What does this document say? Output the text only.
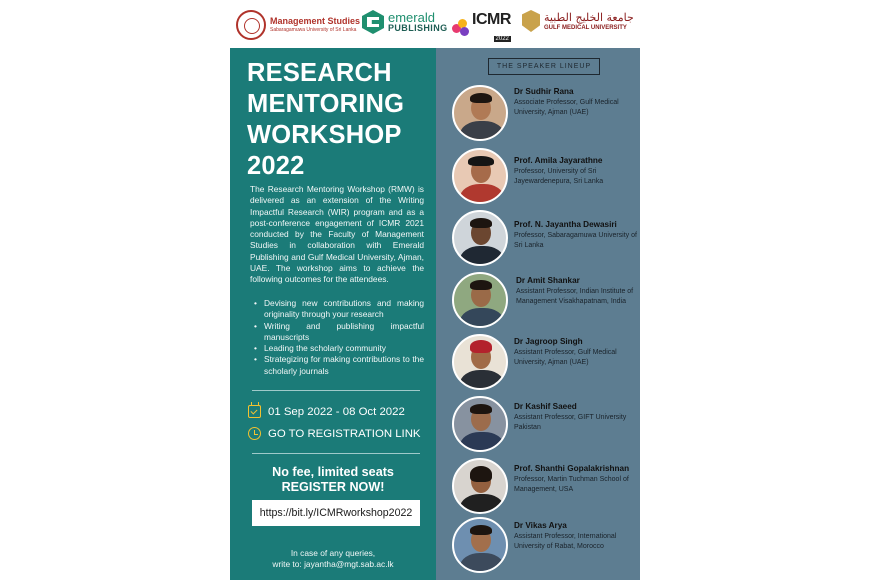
Management Studies
Sabaragamuwa University of Sri Lanka
emerald
PUBLISHING ICMR
2022
جامعة الخليج الطبية
GULF MEDICAL UNIVERSITY
RESEARCH
MENTORING
WORKSHOP
2022

The Research Mentoring Workshop (RMW) is delivered as an extension of the Writing Impactful Research (WIR) program and as a post-conference engagement of ICMR 2021 conducted by the Faculty of Management Studies in collaboration with Emerald Publishing and Gulf Medical University, Ajman, UAE. The workshop aims to achieve the following outcomes for the attendees.

• Devising new contributions and making originality through your research
• Writing and publishing impactful manuscripts
• Leading the scholarly community
• Strategizing for making contributions to the scholarly journals
01 Sep 2022 - 08 Oct 2022
GO TO REGISTRATION LINK
No fee, limited seats
REGISTER NOW!
https://bit.ly/ICMRworkshop2022
In case of any queries,
write to: jayantha@mgt.sab.ac.lk
THE SPEAKER LINEUP
Dr Sudhir Rana
Associate Professor, Gulf Medical University, Ajman (UAE)
Prof. Amila Jayarathne
Professor, University of Sri Jayewardenepura, Sri Lanka
Prof. N. Jayantha Dewasiri
Professor, Sabaragamuwa University of Sri Lanka
Dr Amit Shankar
Assistant Professor, Indian Institute of Management Visakhapatnam, India
Dr Jagroop Singh
Assistant Professor, Gulf Medical University, Ajman (UAE)
Dr Kashif Saeed
Assistant Professor, GIFT University Pakistan
Prof. Shanthi Gopalakrishnan
Professor, Martin Tuchman School of Management, USA
Dr Vikas Arya
Assistant Professor, International University of Rabat, Morocco
